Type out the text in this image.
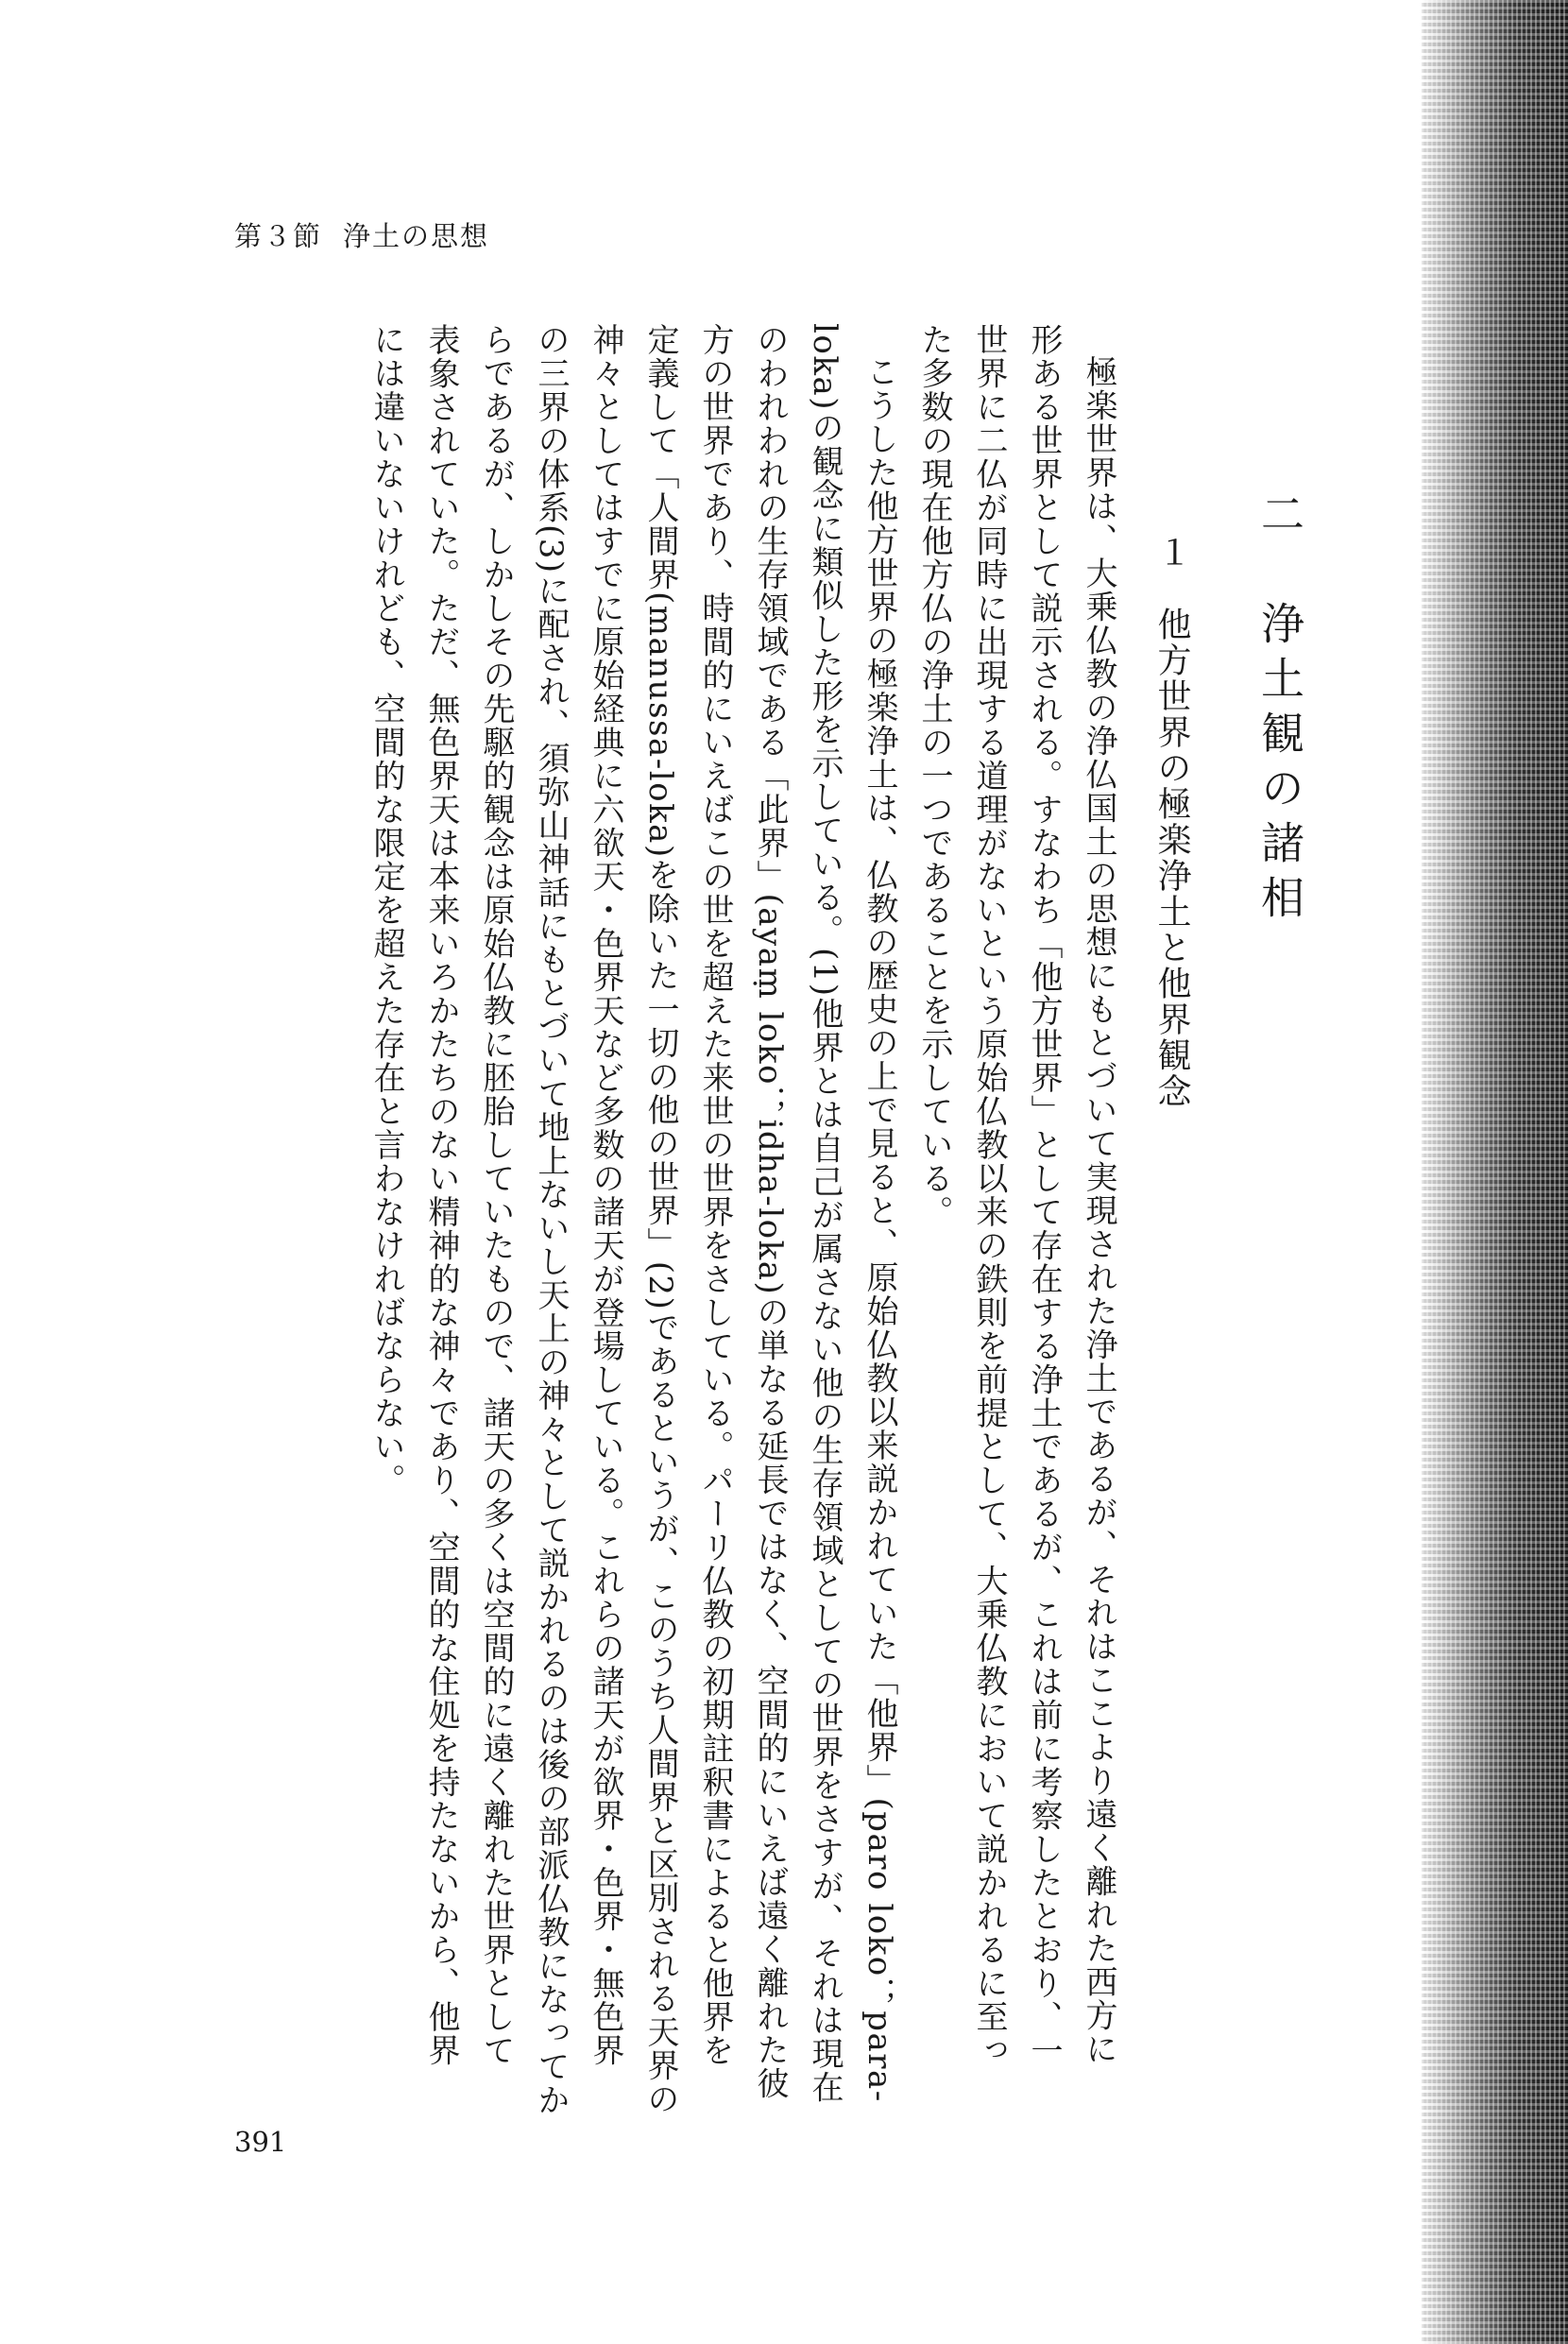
第３節 浄土の思想
二　浄土観の諸相
１　他方世界の極楽浄土と他界観念
極楽世界は、大乗仏教の浄仏国土の思想にもとづいて実現された浄土であるが、それはここより遠く離れた西方に
形ある世界として説示される。すなわち「他方世界」として存在する浄土であるが、これは前に考察したとおり、一
世界に二仏が同時に出現する道理がないという原始仏教以来の鉄則を前提として、大乗仏教において説かれるに至っ
た多数の現在他方仏の浄土の一つであることを示している。
こうした他方世界の極楽浄土は、仏教の歴史の上で見ると、原始仏教以来説かれていた「他界」(paro loko；para-
loka)の観念に類似した形を示している。(1)他界とは自己が属さない他の生存領域としての世界をさすが、それは現在
のわれわれの生存領域である「此界」(ayaṃ loko；idha-loka)の単なる延長ではなく、空間的にいえば遠く離れた彼
方の世界であり、時間的にいえばこの世を超えた来世の世界をさしている。パーリ仏教の初期註釈書によると他界を
定義して「人間界(manussa-loka)を除いた一切の他の世界」(2)であるというが、このうち人間界と区別される天界の
神々としてはすでに原始経典に六欲天・色界天など多数の諸天が登場している。これらの諸天が欲界・色界・無色界
の三界の体系(3)に配され、須弥山神話にもとづいて地上ないし天上の神々として説かれるのは後の部派仏教になってか
らであるが、しかしその先駆的観念は原始仏教に胚胎していたもので、諸天の多くは空間的に遠く離れた世界として
表象されていた。ただ、無色界天は本来いろかたちのない精神的な神々であり、空間的な住処を持たないから、他界
には違いないけれども、空間的な限定を超えた存在と言わなければならない。
391
